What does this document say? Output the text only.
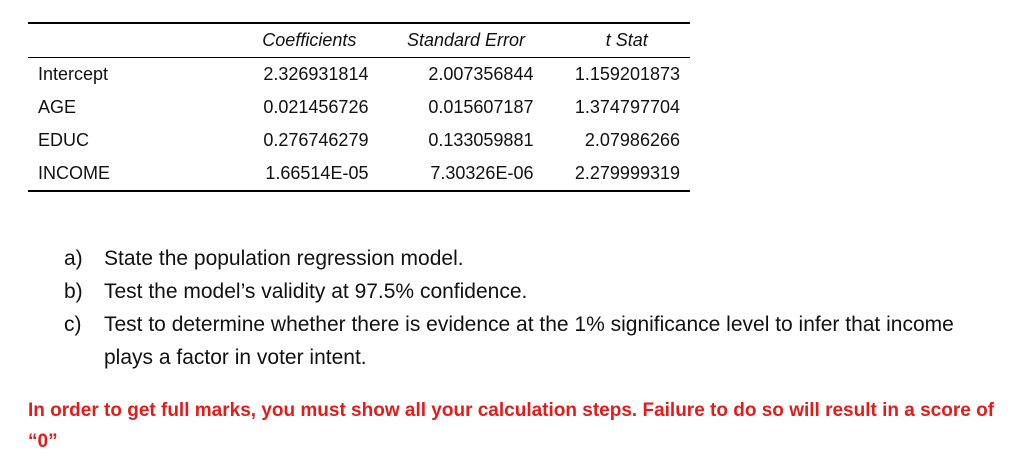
	Coefficients	Standard Error	t Stat
Intercept	2.326931814	2.007356844	1.159201873
AGE	0.021456726	0.015607187	1.374797704
EDUC	0.276746279	0.133059881	2.07986266
INCOME	1.66514E-05	7.30326E-06	2.279999319
a) State the population regression model.
b) Test the model’s validity at 97.5% confidence.
c) Test to determine whether there is evidence at the 1% significance level to infer that income plays a factor in voter intent.
In order to get full marks, you must show all your calculation steps. Failure to do so will result in a score of “0”
